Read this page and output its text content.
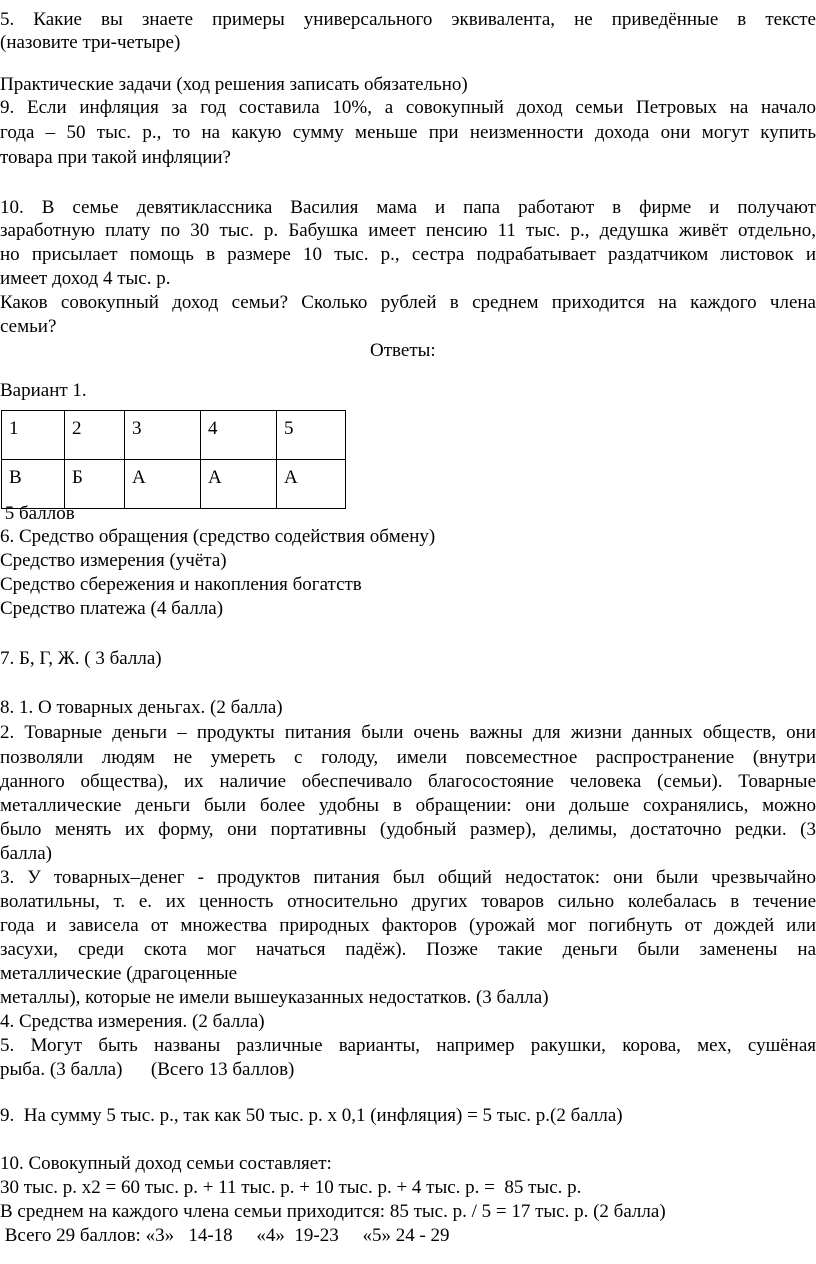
5. Какие вы знаете примеры универсального эквивалента, не приведённые в тексте
(назовите три-четыре)
Практические задачи (ход решения записать обязательно)
9. Если инфляция за год составила 10%, а совокупный доход семьи Петровых на начало
года – 50 тыс. р., то на какую сумму меньше при неизменности дохода они могут купить
товара при такой инфляции?
10. В семье девятиклассника Василия мама и папа работают в фирме и получают
заработную плату по 30 тыс. р. Бабушка имеет пенсию 11 тыс. р., дедушка живёт отдельно,
но присылает помощь в размере 10 тыс. р., сестра подрабатывает раздатчиком листовок и
имеет доход 4 тыс. р.
Каков совокупный доход семьи? Сколько рублей в среднем приходится на каждого члена
семьи?
Ответы:
Вариант 1.
1	2	3	4	5
В	Б	А	А	А
5 баллов
6. Средство обращения (средство содействия обмену)
Средство измерения (учёта)
Средство сбережения и накопления богатств
Средство платежа (4 балла)
7. Б, Г, Ж. ( 3 балла)
8. 1. О товарных деньгах. (2 балла)
2. Товарные деньги – продукты питания были очень важны для жизни данных обществ, они
позволяли людям не умереть с голоду, имели повсеместное распространение (внутри
данного общества), их наличие обеспечивало благосостояние человека (семьи). Товарные
металлические деньги были более удобны в обращении: они дольше сохранялись, можно
было менять их форму, они портативны (удобный размер), делимы, достаточно редки. (3
балла)
3. У товарных–денег - продуктов питания был общий недостаток: они были чрезвычайно
волатильны, т. е. их ценность относительно других товаров сильно колебалась в течение
года и зависела от множества природных факторов (урожай мог погибнуть от дождей или
засухи, среди скота мог начаться падёж). Позже такие деньги были заменены на
металлические (драгоценные
металлы), которые не имели вышеуказанных недостатков. (3 балла)
4. Средства измерения. (2 балла)
5. Могут быть названы различные варианты, например ракушки, корова, мех, сушёная
рыба. (3 балла)      (Всего 13 баллов)
9.  На сумму 5 тыс. р., так как 50 тыс. р. х 0,1 (инфляция) = 5 тыс. р.(2 балла)
10. Совокупный доход семьи составляет:
30 тыс. р. х2 = 60 тыс. р. + 11 тыс. р. + 10 тыс. р. + 4 тыс. р. =  85 тыс. р.
В среднем на каждого члена семьи приходится: 85 тыс. р. / 5 = 17 тыс. р. (2 балла)
Всего 29 баллов: «3»   14-18     «4»  19-23     «5» 24 - 29
